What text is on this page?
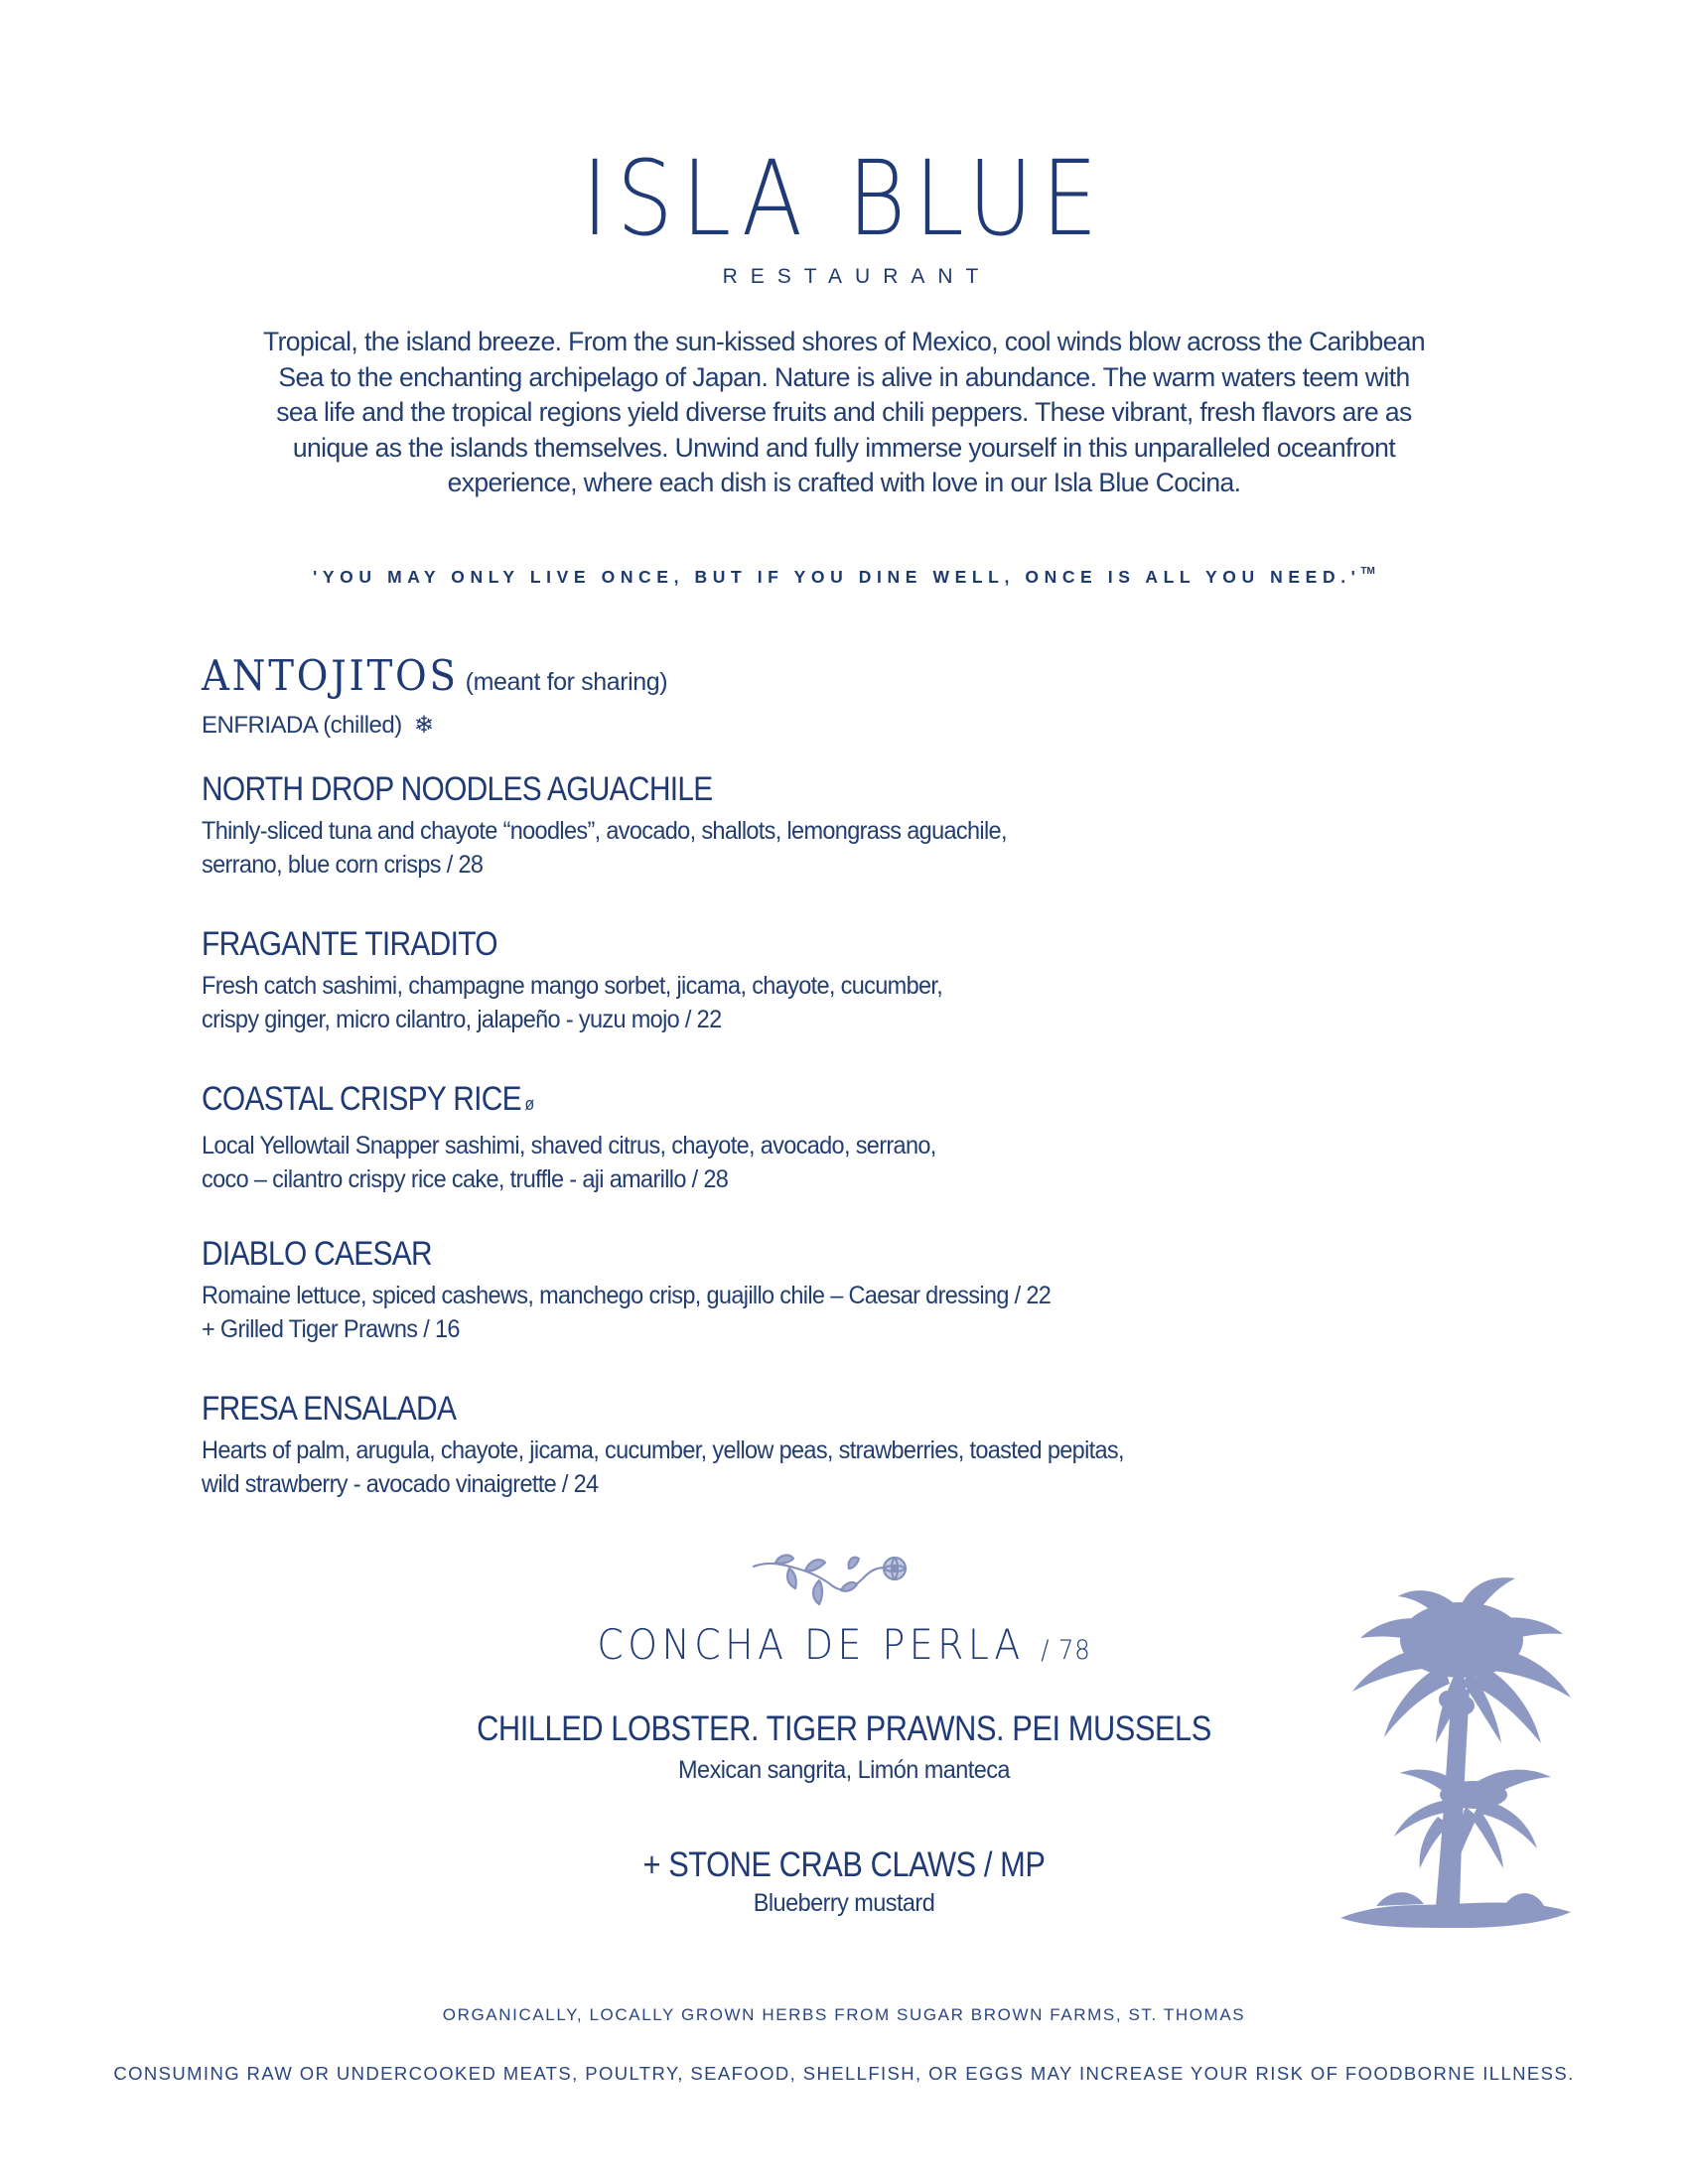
ISLA BLUE
RESTAURANT
Tropical, the island breeze. From the sun-kissed shores of Mexico, cool winds blow across the Caribbean
Sea to the enchanting archipelago of Japan. Nature is alive in abundance. The warm waters teem with
sea life and the tropical regions yield diverse fruits and chili peppers. These vibrant, fresh flavors are as
unique as the islands themselves. Unwind and fully immerse yourself in this unparalleled oceanfront
experience, where each dish is crafted with love in our Isla Blue Cocina.
'YOU MAY ONLY LIVE ONCE, BUT IF YOU DINE WELL, ONCE IS ALL YOU NEED.'™
ANTOJITOS (meant for sharing)
ENFRIADA (chilled) ❄
NORTH DROP NOODLES AGUACHILE
Thinly-sliced tuna and chayote “noodles”, avocado, shallots, lemongrass aguachile,
serrano, blue corn crisps / 28
FRAGANTE TIRADITO
Fresh catch sashimi, champagne mango sorbet, jicama, chayote, cucumber,
crispy ginger, micro cilantro, jalapeño - yuzu mojo / 22
COASTAL CRISPY RICE ø
Local Yellowtail Snapper sashimi, shaved citrus, chayote, avocado, serrano,
coco – cilantro crispy rice cake, truffle - aji amarillo / 28
DIABLO CAESAR
Romaine lettuce, spiced cashews, manchego crisp, guajillo chile – Caesar dressing / 22
+ Grilled Tiger Prawns / 16
FRESA ENSALADA
Hearts of palm, arugula, chayote, jicama, cucumber, yellow peas, strawberries, toasted pepitas,
wild strawberry - avocado vinaigrette / 24
CONCHA DE PERLA / 78
CHILLED LOBSTER. TIGER PRAWNS. PEI MUSSELS
Mexican sangrita, Limón manteca
+ STONE CRAB CLAWS / MP
Blueberry mustard
ORGANICALLY, LOCALLY GROWN HERBS FROM SUGAR BROWN FARMS, ST. THOMAS
CONSUMING RAW OR UNDERCOOKED MEATS, POULTRY, SEAFOOD, SHELLFISH, OR EGGS MAY INCREASE YOUR RISK OF FOODBORNE ILLNESS.
